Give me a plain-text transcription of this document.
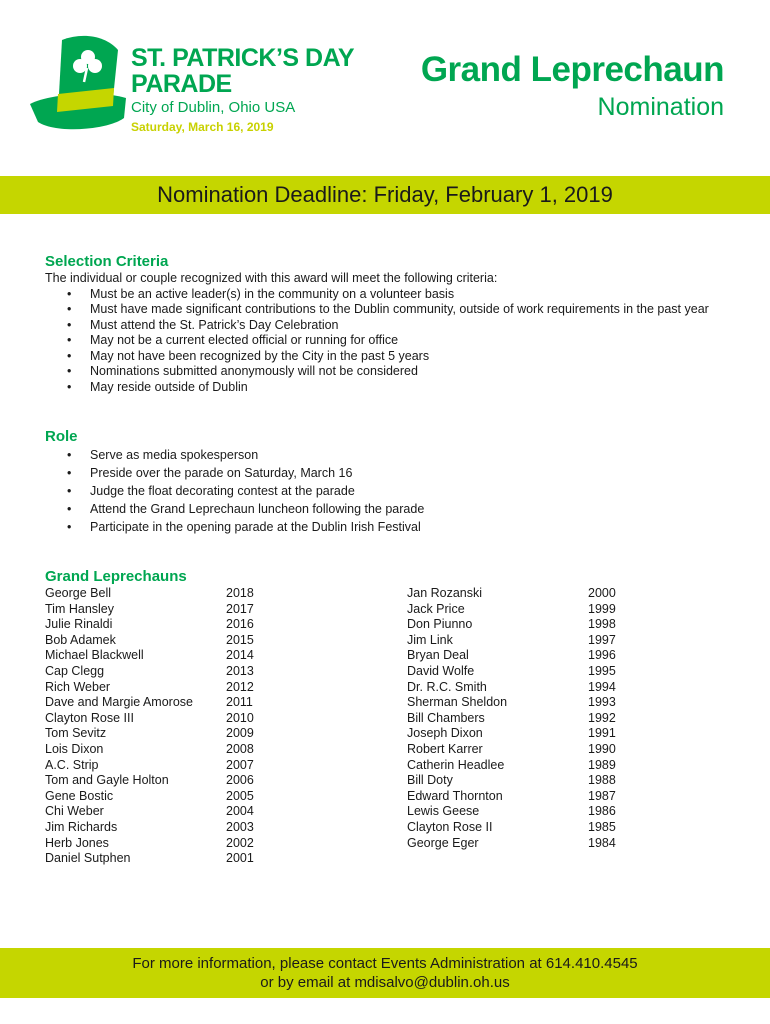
ST. PATRICK’S DAY
PARADE
City of Dublin, Ohio USA
Saturday, March 16, 2019
Grand Leprechaun
Nomination
Nomination Deadline: Friday, February 1, 2019
Selection Criteria
The individual or couple recognized with this award will meet the following criteria:
• Must be an active leader(s) in the community on a volunteer basis
• Must have made significant contributions to the Dublin community, outside of work requirements in the past year
• Must attend the St. Patrick’s Day Celebration
• May not be a current elected official or running for office
• May not have been recognized by the City in the past 5 years
• Nominations submitted anonymously will not be considered
• May reside outside of Dublin
Role
• Serve as media spokesperson
• Preside over the parade on Saturday, March 16
• Judge the float decorating contest at the parade
• Attend the Grand Leprechaun luncheon following the parade
• Participate in the opening parade at the Dublin Irish Festival
Grand Leprechauns
George Bell
Tim Hansley
Julie Rinaldi
Bob Adamek
Michael Blackwell
Cap Clegg
Rich Weber
Dave and Margie Amorose
Clayton Rose III
Tom Sevitz
Lois Dixon
A.C. Strip
Tom and Gayle Holton
Gene Bostic
Chi Weber
Jim Richards
Herb Jones
Daniel Sutphen
2018
2017
2016
2015
2014
2013
2012
2011
2010
2009
2008
2007
2006
2005
2004
2003
2002
2001
Jan Rozanski
Jack Price
Don Piunno
Jim Link
Bryan Deal
David Wolfe
Dr. R.C. Smith
Sherman Sheldon
Bill Chambers
Joseph Dixon
Robert Karrer
Catherin Headlee
Bill Doty
Edward Thornton
Lewis Geese
Clayton Rose II
George Eger
2000
1999
1998
1997
1996
1995
1994
1993
1992
1991
1990
1989
1988
1987
1986
1985
1984
For more information, please contact Events Administration at 614.410.4545
or by email at mdisalvo@dublin.oh.us
